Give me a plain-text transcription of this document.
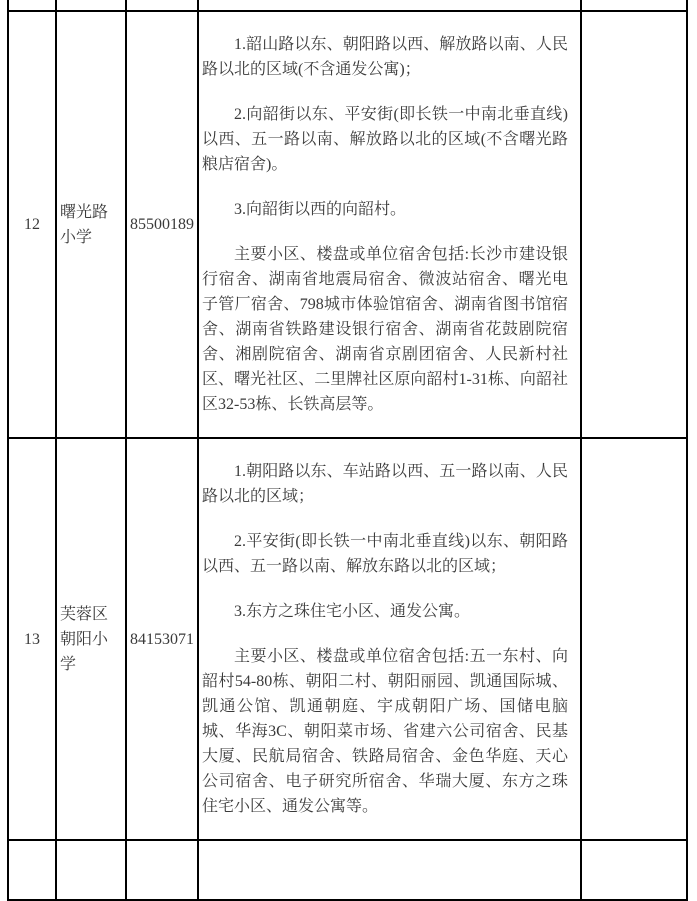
12	曙光路小学	85500189	1.韶山路以东、朝阳路以西、解放路以南、人民路以北的区域(不含通发公寓)；

2.向韶街以东、平安街(即长铁一中南北垂直线)以西、五一路以南、解放路以北的区域(不含曙光路粮店宿舍)。

3.向韶街以西的向韶村。

主要小区、楼盘或单位宿舍包括:长沙市建设银行宿舍、湖南省地震局宿舍、微波站宿舍、曙光电子管厂宿舍、798城市体验馆宿舍、湖南省图书馆宿舍、湖南省铁路建设银行宿舍、湖南省花鼓剧院宿舍、湘剧院宿舍、湖南省京剧团宿舍、人民新村社区、曙光社区、二里牌社区原向韶村1-31栋、向韶社区32-53栋、长铁高层等。	

13	芙蓉区朝阳小学	84153071	1.朝阳路以东、车站路以西、五一路以南、人民路以北的区域；

2.平安街(即长铁一中南北垂直线)以东、朝阳路以西、五一路以南、解放东路以北的区域；

3.东方之珠住宅小区、通发公寓。

主要小区、楼盘或单位宿舍包括:五一东村、向韶村54-80栋、朝阳二村、朝阳丽园、凯通国际城、凯通公馆、凯通朝庭、宇成朝阳广场、国储电脑城、华海3C、朝阳菜市场、省建六公司宿舍、民基大厦、民航局宿舍、铁路局宿舍、金色华庭、天心公司宿舍、电子研究所宿舍、华瑞大厦、东方之珠住宅小区、通发公寓等。	
